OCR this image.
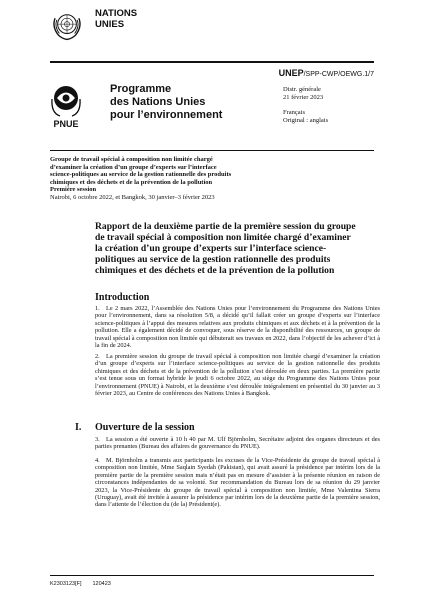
NATIONS
UNIES
UNEP/SPP-CWP/OEWG.1/7
PNUE
Programme
des Nations Unies
pour l’environnement
Distr. générale
21 février 2023
Français
Original : anglais
Groupe de travail spécial à composition non limitée chargé
d’examiner la création d’un groupe d’experts sur l’interface
science-politiques au service de la gestion rationnelle des produits
chimiques et des déchets et de la prévention de la pollution
Première session
Nairobi, 6 octobre 2022, et Bangkok, 30 janvier–3 février 2023
Rapport de la deuxième partie de la première session du groupe
de travail spécial à composition non limitée chargé d’examiner
la création d’un groupe d’experts sur l’interface science-
politiques au service de la gestion rationnelle des produits
chimiques et des déchets et de la prévention de la pollution
Introduction
1. Le 2 mars 2022, l’Assemblée des Nations Unies pour l’environnement du Programme des Nations Unies pour l’environnement, dans sa résolution 5/8, a décidé qu’il fallait créer un groupe d’experts sur l’interface science-politiques à l’appui des mesures relatives aux produits chimiques et aux déchets et à la prévention de la pollution. Elle a également décidé de convoquer, sous réserve de la disponibilité des ressources, un groupe de travail spécial à composition non limitée qui débuterait ses travaux en 2022, dans l’objectif de les achever d’ici à la fin de 2024.
2. La première session du groupe de travail spécial à composition non limitée chargé d’examiner la création d’un groupe d’experts sur l’interface science-politiques au service de la gestion rationnelle des produits chimiques et des déchets et de la prévention de la pollution s’est déroulée en deux parties. La première partie s’est tenue sous un format hybride le jeudi 6 octobre 2022, au siège du Programme des Nations Unies pour l’environnement (PNUE) à Nairobi, et la deuxième s’est déroulée intégralement en présentiel du 30 janvier au 3 février 2023, au Centre de conférences des Nations Unies à Bangkok.
I. Ouverture de la session
3. La session a été ouverte à 10 h 40 par M. Ulf Björnholm, Secrétaire adjoint des organes directeurs et des parties prenantes (Bureau des affaires de gouvernance du PNUE).
4. M. Björnholm a transmis aux participants les excuses de la Vice-Présidente du groupe de travail spécial à composition non limitée, Mme Saqlain Syedah (Pakistan), qui avait assuré la présidence par intérim lors de la première partie de la première session mais n’était pas en mesure d’assister à la présente réunion en raison de circonstances indépendantes de sa volonté. Sur recommandation du Bureau lors de sa réunion du 29 janvier 2023, la Vice-Présidente du groupe de travail spécial à composition non limitée, Mme Valentina Sierra (Uruguay), avait été invitée à assurer la présidence par intérim lors de la deuxième partie de la première session, dans l’attente de l’élection du (de la) Président(e).
K2303123[F]  120423
